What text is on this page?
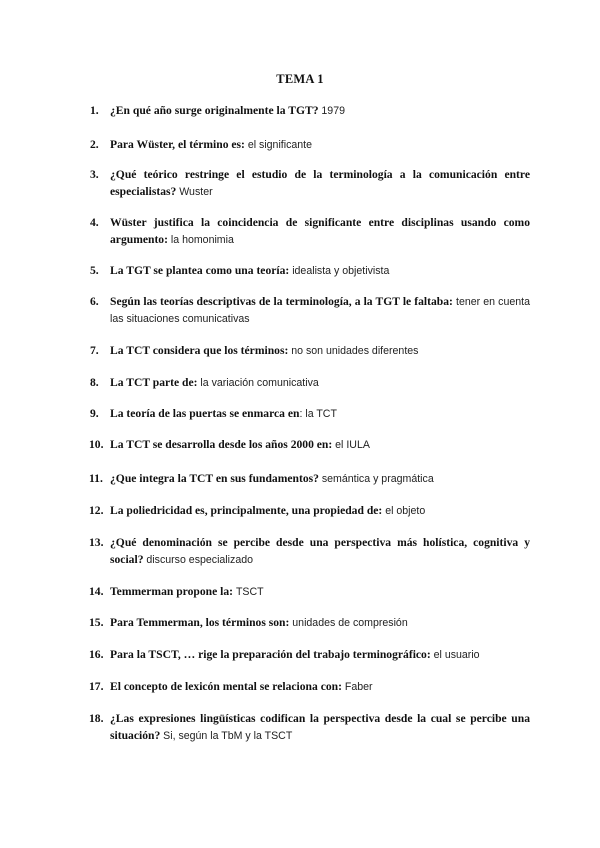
TEMA 1
1. ¿En qué año surge originalmente la TGT? 1979
2. Para Wüster, el término es: el significante
3. ¿Qué teórico restringe el estudio de la terminología a la comunicación entre especialistas? Wuster
4. Wüster justifica la coincidencia de significante entre disciplinas usando como argumento: la homonimia
5. La TGT se plantea como una teoría: idealista y objetivista
6. Según las teorías descriptivas de la terminología, a la TGT le faltaba: tener en cuenta las situaciones comunicativas
7. La TCT considera que los términos: no son unidades diferentes
8. La TCT parte de: la variación comunicativa
9. La teoría de las puertas se enmarca en: la TCT
10. La TCT se desarrolla desde los años 2000 en: el IULA
11. ¿Que integra la TCT en sus fundamentos? semántica y pragmática
12. La poliedricidad es, principalmente, una propiedad de: el objeto
13. ¿Qué denominación se percibe desde una perspectiva más holística, cognitiva y social? discurso especializado
14. Temmerman propone la: TSCT
15. Para Temmerman, los términos son: unidades de compresión
16. Para la TSCT, … rige la preparación del trabajo terminográfico: el usuario
17. El concepto de lexicón mental se relaciona con: Faber
18. ¿Las expresiones lingüísticas codifican la perspectiva desde la cual se percibe una situación? Si, según la TbM y la TSCT
